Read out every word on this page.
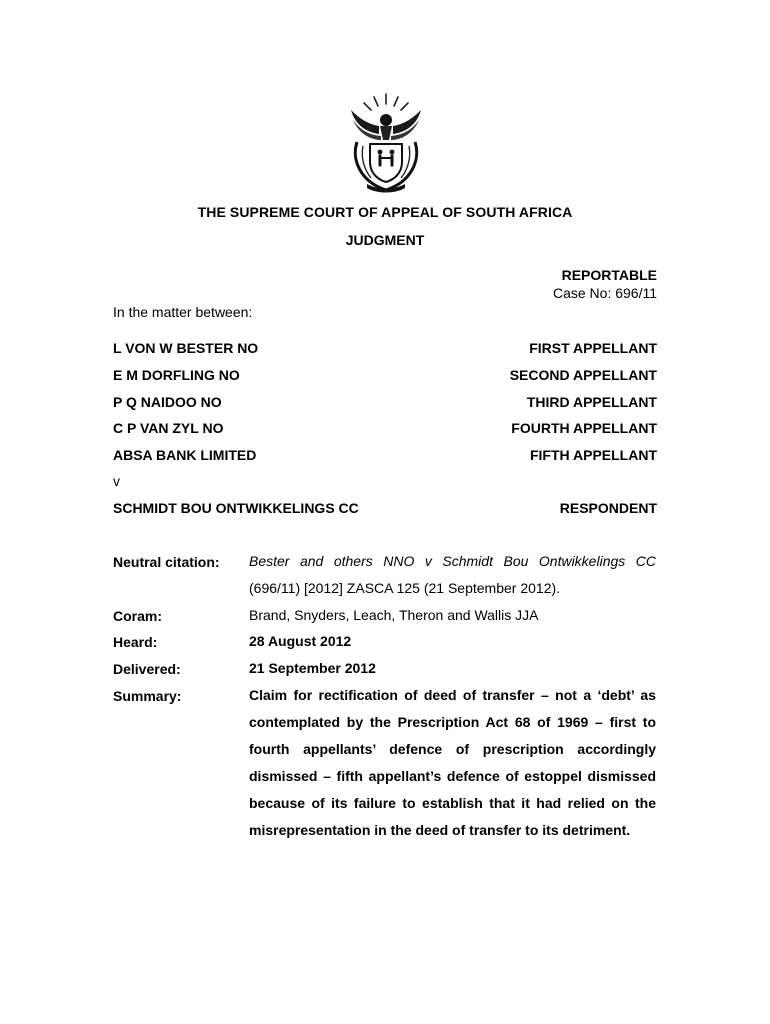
THE SUPREME COURT OF APPEAL OF SOUTH AFRICA
JUDGMENT
REPORTABLE
Case No: 696/11
In the matter between:
L VON W BESTER NO	FIRST APPELLANT
E M DORFLING NO	SECOND APPELLANT
P Q NAIDOO NO	THIRD APPELLANT
C P VAN ZYL NO	FOURTH APPELLANT
ABSA BANK LIMITED	FIFTH APPELLANT
v
SCHMIDT BOU ONTWIKKELINGS CC	RESPONDENT
Neutral citation: Bester and others NNO v Schmidt Bou Ontwikkelings CC
(696/11) [2012] ZASCA 125 (21 September 2012).
Coram:	Brand, Snyders, Leach, Theron and Wallis JJA
Heard:	28 August 2012
Delivered:	21 September 2012
Summary:	Claim for rectification of deed of transfer – not a ‘debt’ as contemplated by the Prescription Act 68 of 1969 – first to fourth appellants’ defence of prescription accordingly dismissed – fifth appellant’s defence of estoppel dismissed because of its failure to establish that it had relied on the misrepresentation in the deed of transfer to its detriment.
